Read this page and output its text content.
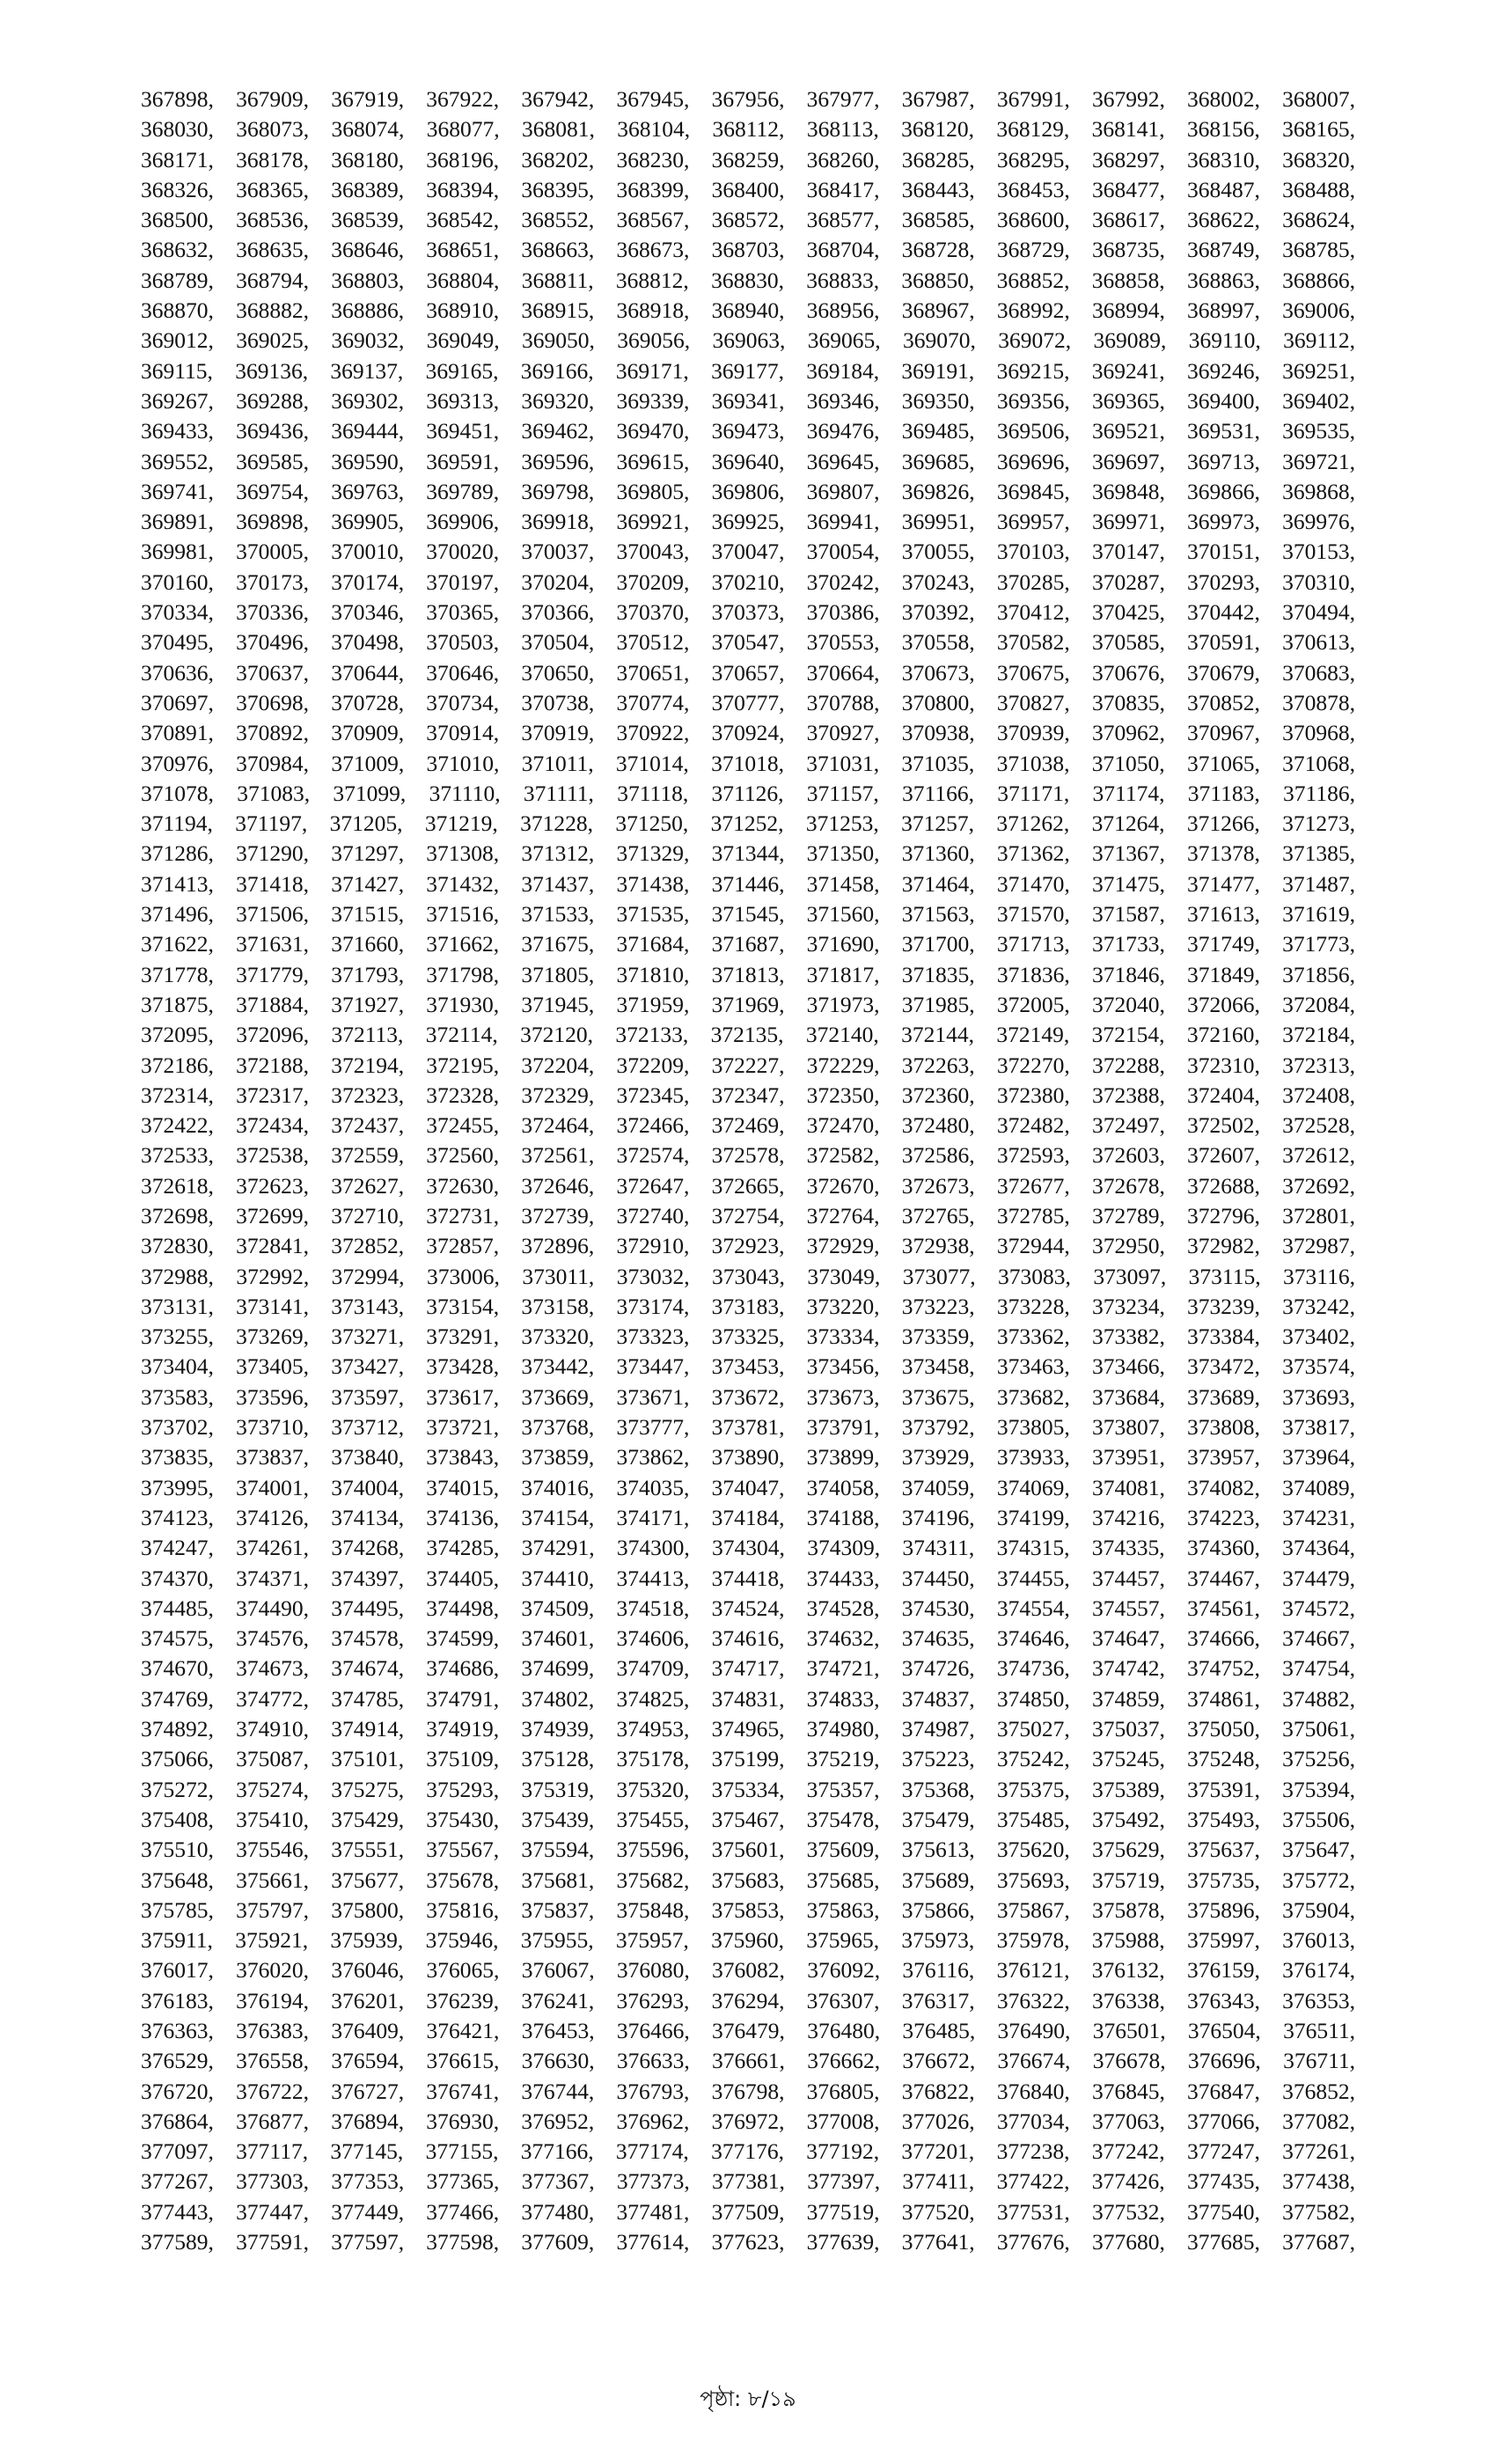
367898, 367909, 367919, 367922, 367942, 367945, 367956, 367977, 367987, 367991, 367992, 368002, 368007,
368030, 368073, 368074, 368077, 368081, 368104, 368112, 368113, 368120, 368129, 368141, 368156, 368165,
368171, 368178, 368180, 368196, 368202, 368230, 368259, 368260, 368285, 368295, 368297, 368310, 368320,
368326, 368365, 368389, 368394, 368395, 368399, 368400, 368417, 368443, 368453, 368477, 368487, 368488,
368500, 368536, 368539, 368542, 368552, 368567, 368572, 368577, 368585, 368600, 368617, 368622, 368624,
368632, 368635, 368646, 368651, 368663, 368673, 368703, 368704, 368728, 368729, 368735, 368749, 368785,
368789, 368794, 368803, 368804, 368811, 368812, 368830, 368833, 368850, 368852, 368858, 368863, 368866,
368870, 368882, 368886, 368910, 368915, 368918, 368940, 368956, 368967, 368992, 368994, 368997, 369006,
369012, 369025, 369032, 369049, 369050, 369056, 369063, 369065, 369070, 369072, 369089, 369110, 369112,
369115, 369136, 369137, 369165, 369166, 369171, 369177, 369184, 369191, 369215, 369241, 369246, 369251,
369267, 369288, 369302, 369313, 369320, 369339, 369341, 369346, 369350, 369356, 369365, 369400, 369402,
369433, 369436, 369444, 369451, 369462, 369470, 369473, 369476, 369485, 369506, 369521, 369531, 369535,
369552, 369585, 369590, 369591, 369596, 369615, 369640, 369645, 369685, 369696, 369697, 369713, 369721,
369741, 369754, 369763, 369789, 369798, 369805, 369806, 369807, 369826, 369845, 369848, 369866, 369868,
369891, 369898, 369905, 369906, 369918, 369921, 369925, 369941, 369951, 369957, 369971, 369973, 369976,
369981, 370005, 370010, 370020, 370037, 370043, 370047, 370054, 370055, 370103, 370147, 370151, 370153,
370160, 370173, 370174, 370197, 370204, 370209, 370210, 370242, 370243, 370285, 370287, 370293, 370310,
370334, 370336, 370346, 370365, 370366, 370370, 370373, 370386, 370392, 370412, 370425, 370442, 370494,
370495, 370496, 370498, 370503, 370504, 370512, 370547, 370553, 370558, 370582, 370585, 370591, 370613,
370636, 370637, 370644, 370646, 370650, 370651, 370657, 370664, 370673, 370675, 370676, 370679, 370683,
370697, 370698, 370728, 370734, 370738, 370774, 370777, 370788, 370800, 370827, 370835, 370852, 370878,
370891, 370892, 370909, 370914, 370919, 370922, 370924, 370927, 370938, 370939, 370962, 370967, 370968,
370976, 370984, 371009, 371010, 371011, 371014, 371018, 371031, 371035, 371038, 371050, 371065, 371068,
371078, 371083, 371099, 371110, 371111, 371118, 371126, 371157, 371166, 371171, 371174, 371183, 371186,
371194, 371197, 371205, 371219, 371228, 371250, 371252, 371253, 371257, 371262, 371264, 371266, 371273,
371286, 371290, 371297, 371308, 371312, 371329, 371344, 371350, 371360, 371362, 371367, 371378, 371385,
371413, 371418, 371427, 371432, 371437, 371438, 371446, 371458, 371464, 371470, 371475, 371477, 371487,
371496, 371506, 371515, 371516, 371533, 371535, 371545, 371560, 371563, 371570, 371587, 371613, 371619,
371622, 371631, 371660, 371662, 371675, 371684, 371687, 371690, 371700, 371713, 371733, 371749, 371773,
371778, 371779, 371793, 371798, 371805, 371810, 371813, 371817, 371835, 371836, 371846, 371849, 371856,
371875, 371884, 371927, 371930, 371945, 371959, 371969, 371973, 371985, 372005, 372040, 372066, 372084,
372095, 372096, 372113, 372114, 372120, 372133, 372135, 372140, 372144, 372149, 372154, 372160, 372184,
372186, 372188, 372194, 372195, 372204, 372209, 372227, 372229, 372263, 372270, 372288, 372310, 372313,
372314, 372317, 372323, 372328, 372329, 372345, 372347, 372350, 372360, 372380, 372388, 372404, 372408,
372422, 372434, 372437, 372455, 372464, 372466, 372469, 372470, 372480, 372482, 372497, 372502, 372528,
372533, 372538, 372559, 372560, 372561, 372574, 372578, 372582, 372586, 372593, 372603, 372607, 372612,
372618, 372623, 372627, 372630, 372646, 372647, 372665, 372670, 372673, 372677, 372678, 372688, 372692,
372698, 372699, 372710, 372731, 372739, 372740, 372754, 372764, 372765, 372785, 372789, 372796, 372801,
372830, 372841, 372852, 372857, 372896, 372910, 372923, 372929, 372938, 372944, 372950, 372982, 372987,
372988, 372992, 372994, 373006, 373011, 373032, 373043, 373049, 373077, 373083, 373097, 373115, 373116,
373131, 373141, 373143, 373154, 373158, 373174, 373183, 373220, 373223, 373228, 373234, 373239, 373242,
373255, 373269, 373271, 373291, 373320, 373323, 373325, 373334, 373359, 373362, 373382, 373384, 373402,
373404, 373405, 373427, 373428, 373442, 373447, 373453, 373456, 373458, 373463, 373466, 373472, 373574,
373583, 373596, 373597, 373617, 373669, 373671, 373672, 373673, 373675, 373682, 373684, 373689, 373693,
373702, 373710, 373712, 373721, 373768, 373777, 373781, 373791, 373792, 373805, 373807, 373808, 373817,
373835, 373837, 373840, 373843, 373859, 373862, 373890, 373899, 373929, 373933, 373951, 373957, 373964,
373995, 374001, 374004, 374015, 374016, 374035, 374047, 374058, 374059, 374069, 374081, 374082, 374089,
374123, 374126, 374134, 374136, 374154, 374171, 374184, 374188, 374196, 374199, 374216, 374223, 374231,
374247, 374261, 374268, 374285, 374291, 374300, 374304, 374309, 374311, 374315, 374335, 374360, 374364,
374370, 374371, 374397, 374405, 374410, 374413, 374418, 374433, 374450, 374455, 374457, 374467, 374479,
374485, 374490, 374495, 374498, 374509, 374518, 374524, 374528, 374530, 374554, 374557, 374561, 374572,
374575, 374576, 374578, 374599, 374601, 374606, 374616, 374632, 374635, 374646, 374647, 374666, 374667,
374670, 374673, 374674, 374686, 374699, 374709, 374717, 374721, 374726, 374736, 374742, 374752, 374754,
374769, 374772, 374785, 374791, 374802, 374825, 374831, 374833, 374837, 374850, 374859, 374861, 374882,
374892, 374910, 374914, 374919, 374939, 374953, 374965, 374980, 374987, 375027, 375037, 375050, 375061,
375066, 375087, 375101, 375109, 375128, 375178, 375199, 375219, 375223, 375242, 375245, 375248, 375256,
375272, 375274, 375275, 375293, 375319, 375320, 375334, 375357, 375368, 375375, 375389, 375391, 375394,
375408, 375410, 375429, 375430, 375439, 375455, 375467, 375478, 375479, 375485, 375492, 375493, 375506,
375510, 375546, 375551, 375567, 375594, 375596, 375601, 375609, 375613, 375620, 375629, 375637, 375647,
375648, 375661, 375677, 375678, 375681, 375682, 375683, 375685, 375689, 375693, 375719, 375735, 375772,
375785, 375797, 375800, 375816, 375837, 375848, 375853, 375863, 375866, 375867, 375878, 375896, 375904,
375911, 375921, 375939, 375946, 375955, 375957, 375960, 375965, 375973, 375978, 375988, 375997, 376013,
376017, 376020, 376046, 376065, 376067, 376080, 376082, 376092, 376116, 376121, 376132, 376159, 376174,
376183, 376194, 376201, 376239, 376241, 376293, 376294, 376307, 376317, 376322, 376338, 376343, 376353,
376363, 376383, 376409, 376421, 376453, 376466, 376479, 376480, 376485, 376490, 376501, 376504, 376511,
376529, 376558, 376594, 376615, 376630, 376633, 376661, 376662, 376672, 376674, 376678, 376696, 376711,
376720, 376722, 376727, 376741, 376744, 376793, 376798, 376805, 376822, 376840, 376845, 376847, 376852,
376864, 376877, 376894, 376930, 376952, 376962, 376972, 377008, 377026, 377034, 377063, 377066, 377082,
377097, 377117, 377145, 377155, 377166, 377174, 377176, 377192, 377201, 377238, 377242, 377247, 377261,
377267, 377303, 377353, 377365, 377367, 377373, 377381, 377397, 377411, 377422, 377426, 377435, 377438,
377443, 377447, 377449, 377466, 377480, 377481, 377509, 377519, 377520, 377531, 377532, 377540, 377582,
377589, 377591, 377597, 377598, 377609, 377614, 377623, 377639, 377641, 377676, 377680, 377685, 377687,
পৃষ্ঠা: ৮/১৯
